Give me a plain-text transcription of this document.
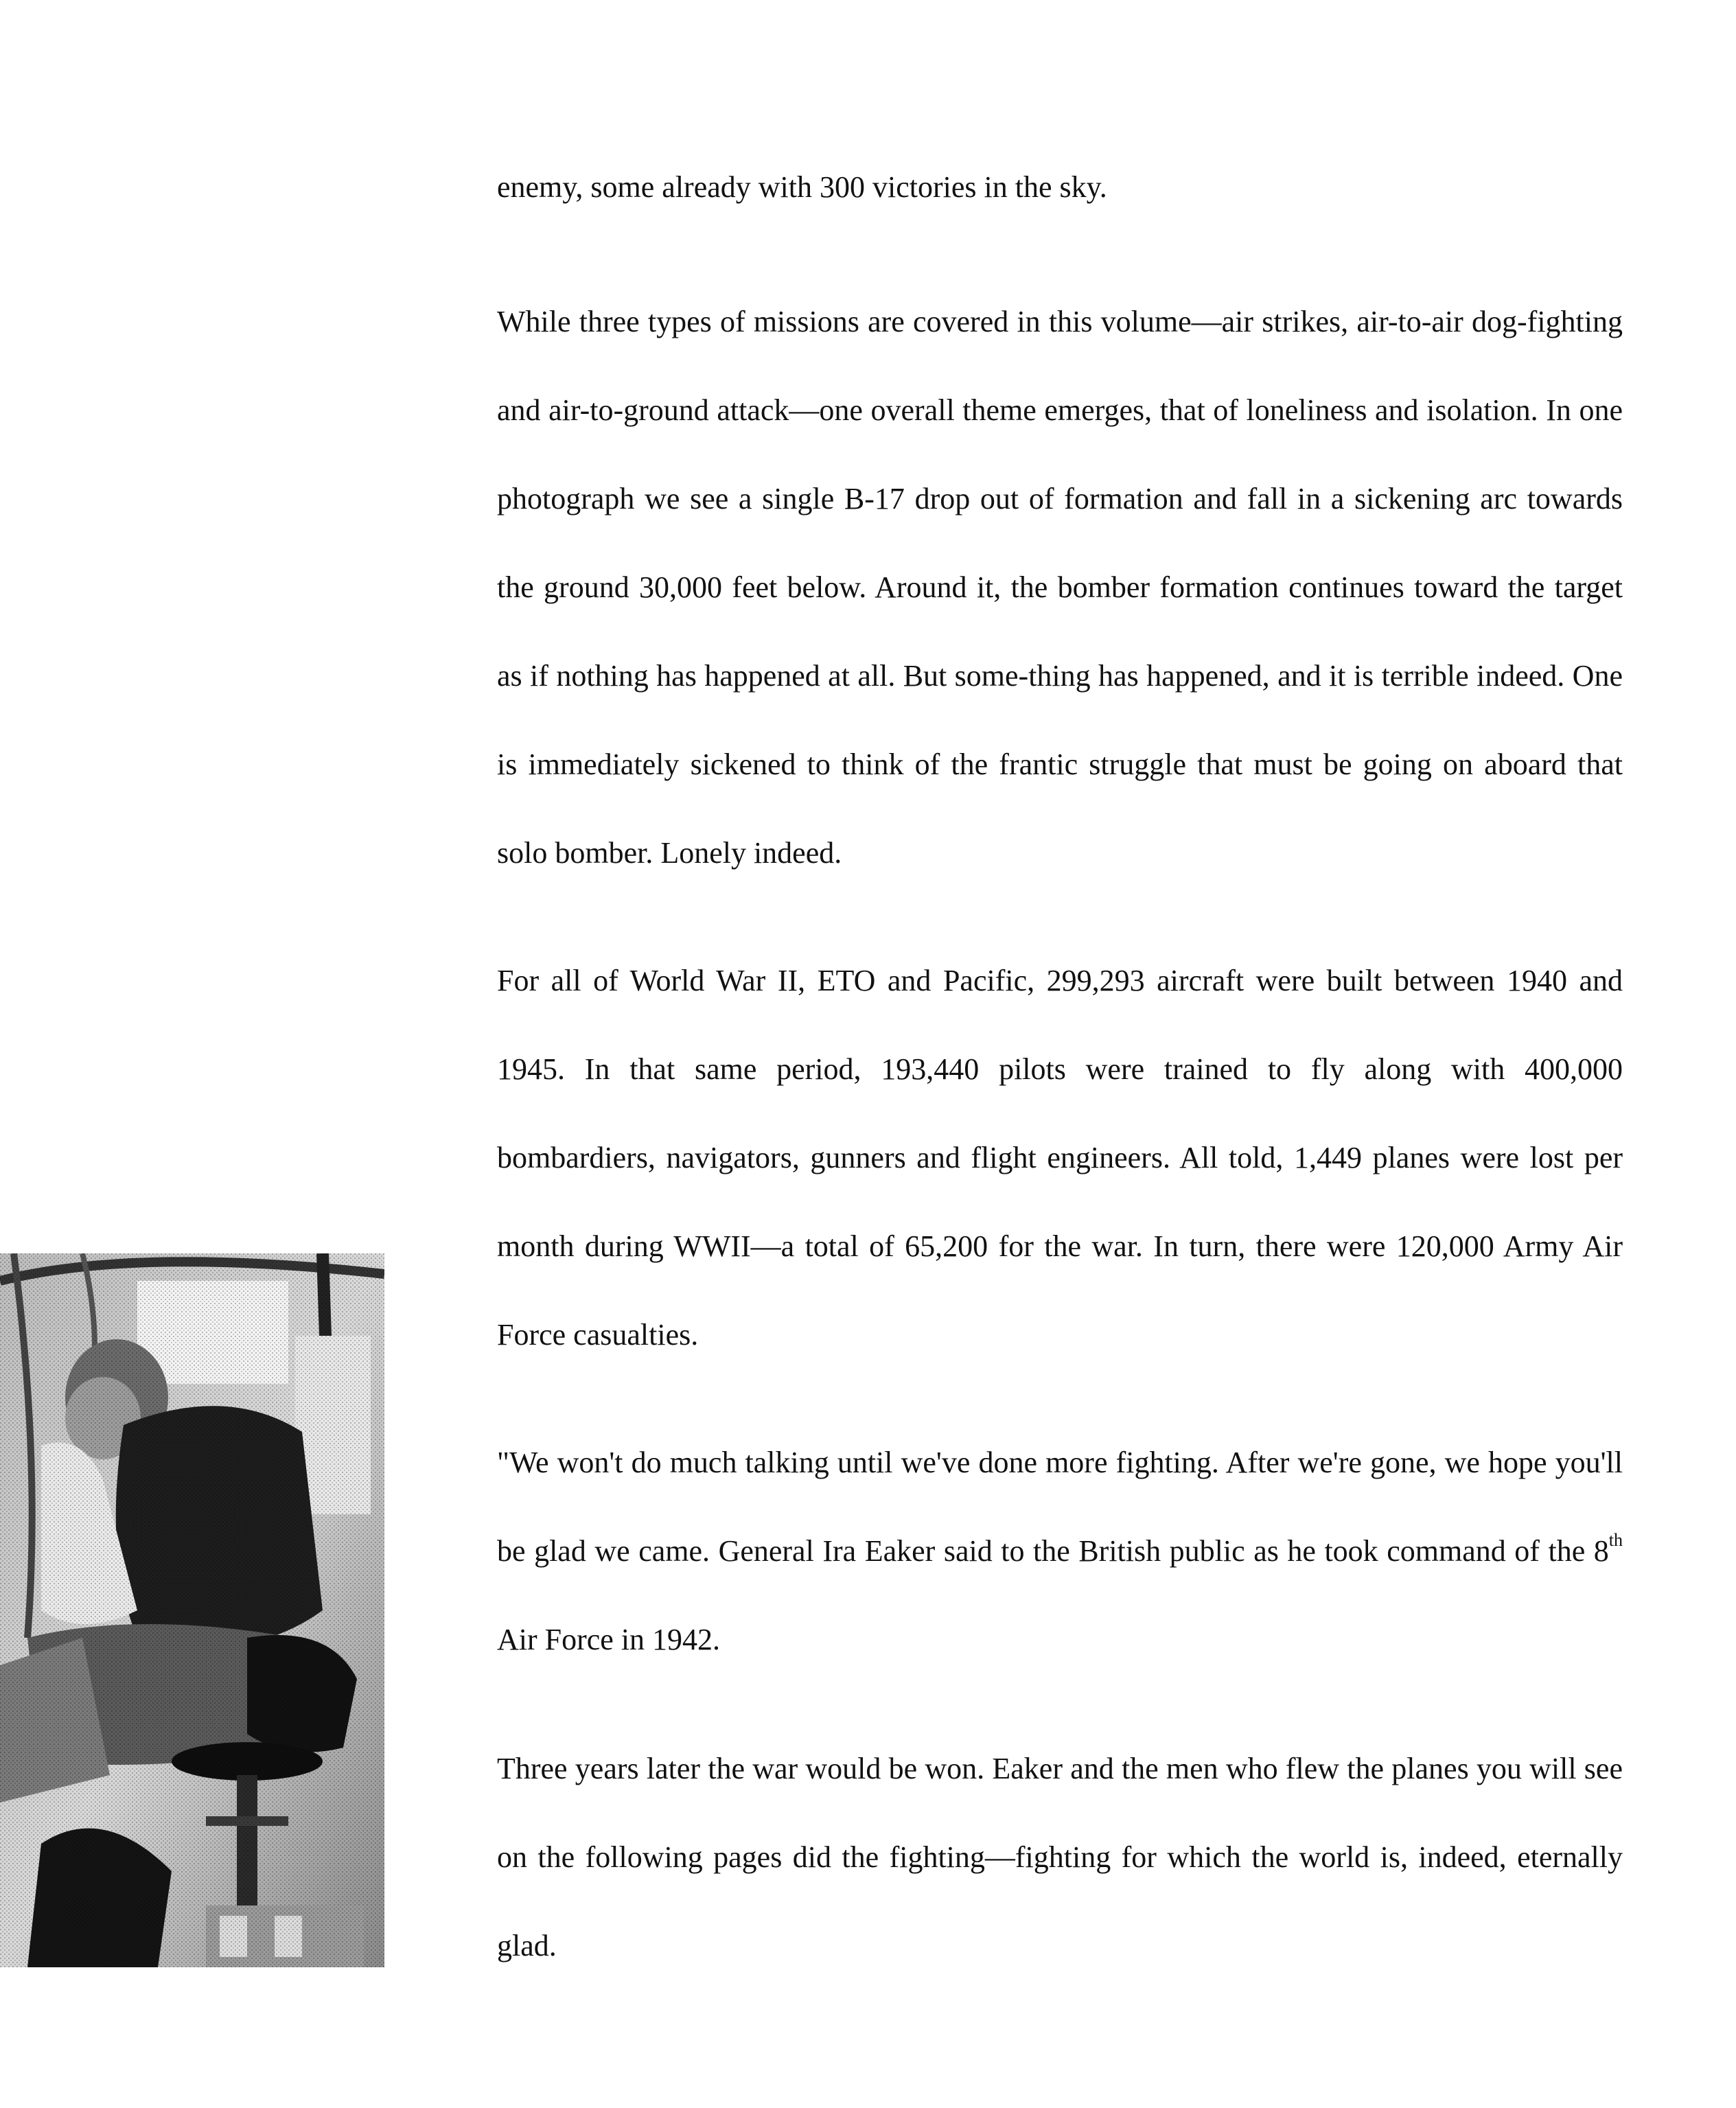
enemy, some already with 300 victories in the sky.

While three types of missions are covered in this volume—air strikes, air-to-air dog-fighting and air-to-ground attack—one overall theme emerges, that of loneliness and isolation. In one photograph we see a single B-17 drop out of formation and fall in a sickening arc towards the ground 30,000 feet below. Around it, the bomber formation continues toward the target as if nothing has happened at all. But some-thing has happened, and it is terrible indeed. One is immediately sickened to think of the frantic struggle that must be going on aboard that solo bomber. Lonely indeed.

For all of World War II, ETO and Pacific, 299,293 aircraft were built between 1940 and 1945. In that same period, 193,440 pilots were trained to fly along with 400,000 bombardiers, navigators, gunners and flight engineers. All told, 1,449 planes were lost per month during WWII—a total of 65,200 for the war. In turn, there were 120,000 Army Air Force casualties.

"We won't do much talking until we've done more fighting. After we're gone, we hope you'll be glad we came. General Ira Eaker said to the British public as he took command of the 8th Air Force in 1942.

Three years later the war would be won. Eaker and the men who flew the planes you will see on the following pages did the fighting—fighting for which the world is, indeed, eternally glad.
